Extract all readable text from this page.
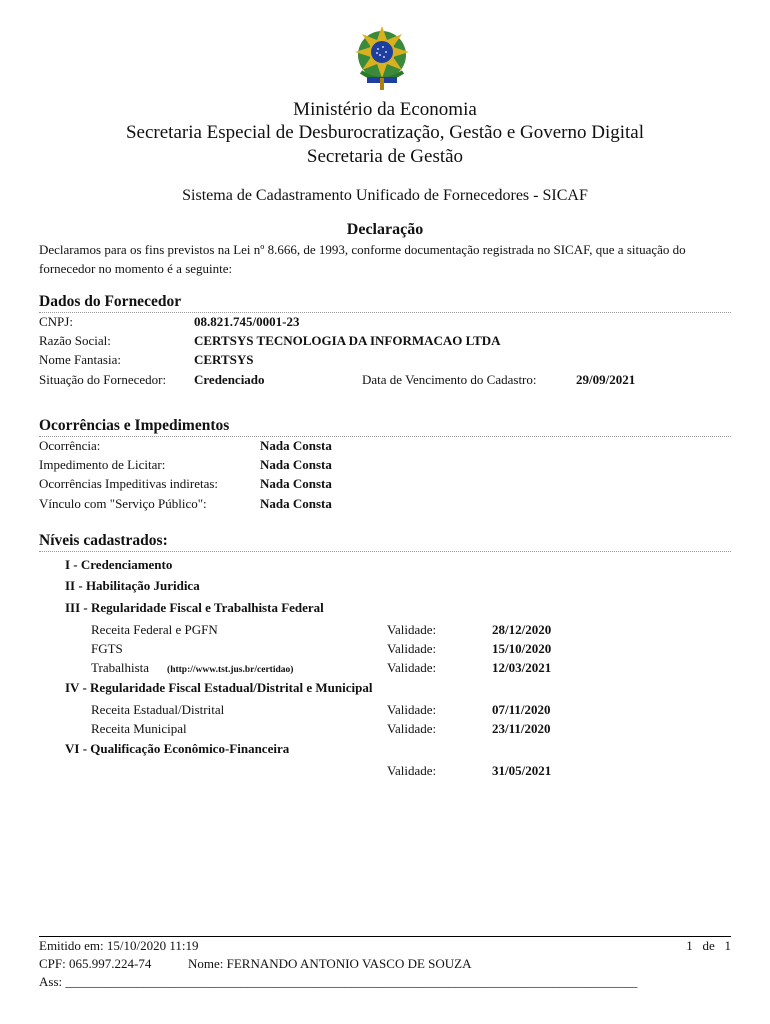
Ministério da Economia
Secretaria Especial de Desburocratização, Gestão e Governo Digital
Secretaria de Gestão
Sistema de Cadastramento Unificado de Fornecedores - SICAF
Declaração
Declaramos para os fins previstos na Lei nº 8.666, de 1993, conforme documentação registrada no SICAF, que a situação do fornecedor no momento é a seguinte:
Dados do Fornecedor
CNPJ:	08.821.745/0001-23
Razão Social:	CERTSYS TECNOLOGIA DA INFORMACAO LTDA
Nome Fantasia:	CERTSYS
Situação do Fornecedor: Credenciado	Data de Vencimento do Cadastro:	29/09/2021
Ocorrências e Impedimentos
Ocorrência:	Nada Consta
Impedimento de Licitar:	Nada Consta
Ocorrências Impeditivas indiretas:	Nada Consta
Vínculo com "Serviço Público":	Nada Consta
Níveis cadastrados:
I - Credenciamento
II - Habilitação Juridica
III - Regularidade Fiscal e Trabalhista Federal
Receita Federal e PGFN	Validade:	28/12/2020
FGTS	Validade:	15/10/2020
Trabalhista (http://www.tst.jus.br/certidao)	Validade:	12/03/2021
IV - Regularidade Fiscal Estadual/Distrital e Municipal
Receita Estadual/Distrital	Validade:	07/11/2020
Receita Municipal	Validade:	23/11/2020
VI - Qualificação Econômico-Financeira
Validade:	31/05/2021
Emitido em: 15/10/2020 11:19	1   de   1
CPF: 065.997.224-74	Nome: FERNANDO ANTONIO VASCO DE SOUZA
Ass: ________________________________________________________________________________________
